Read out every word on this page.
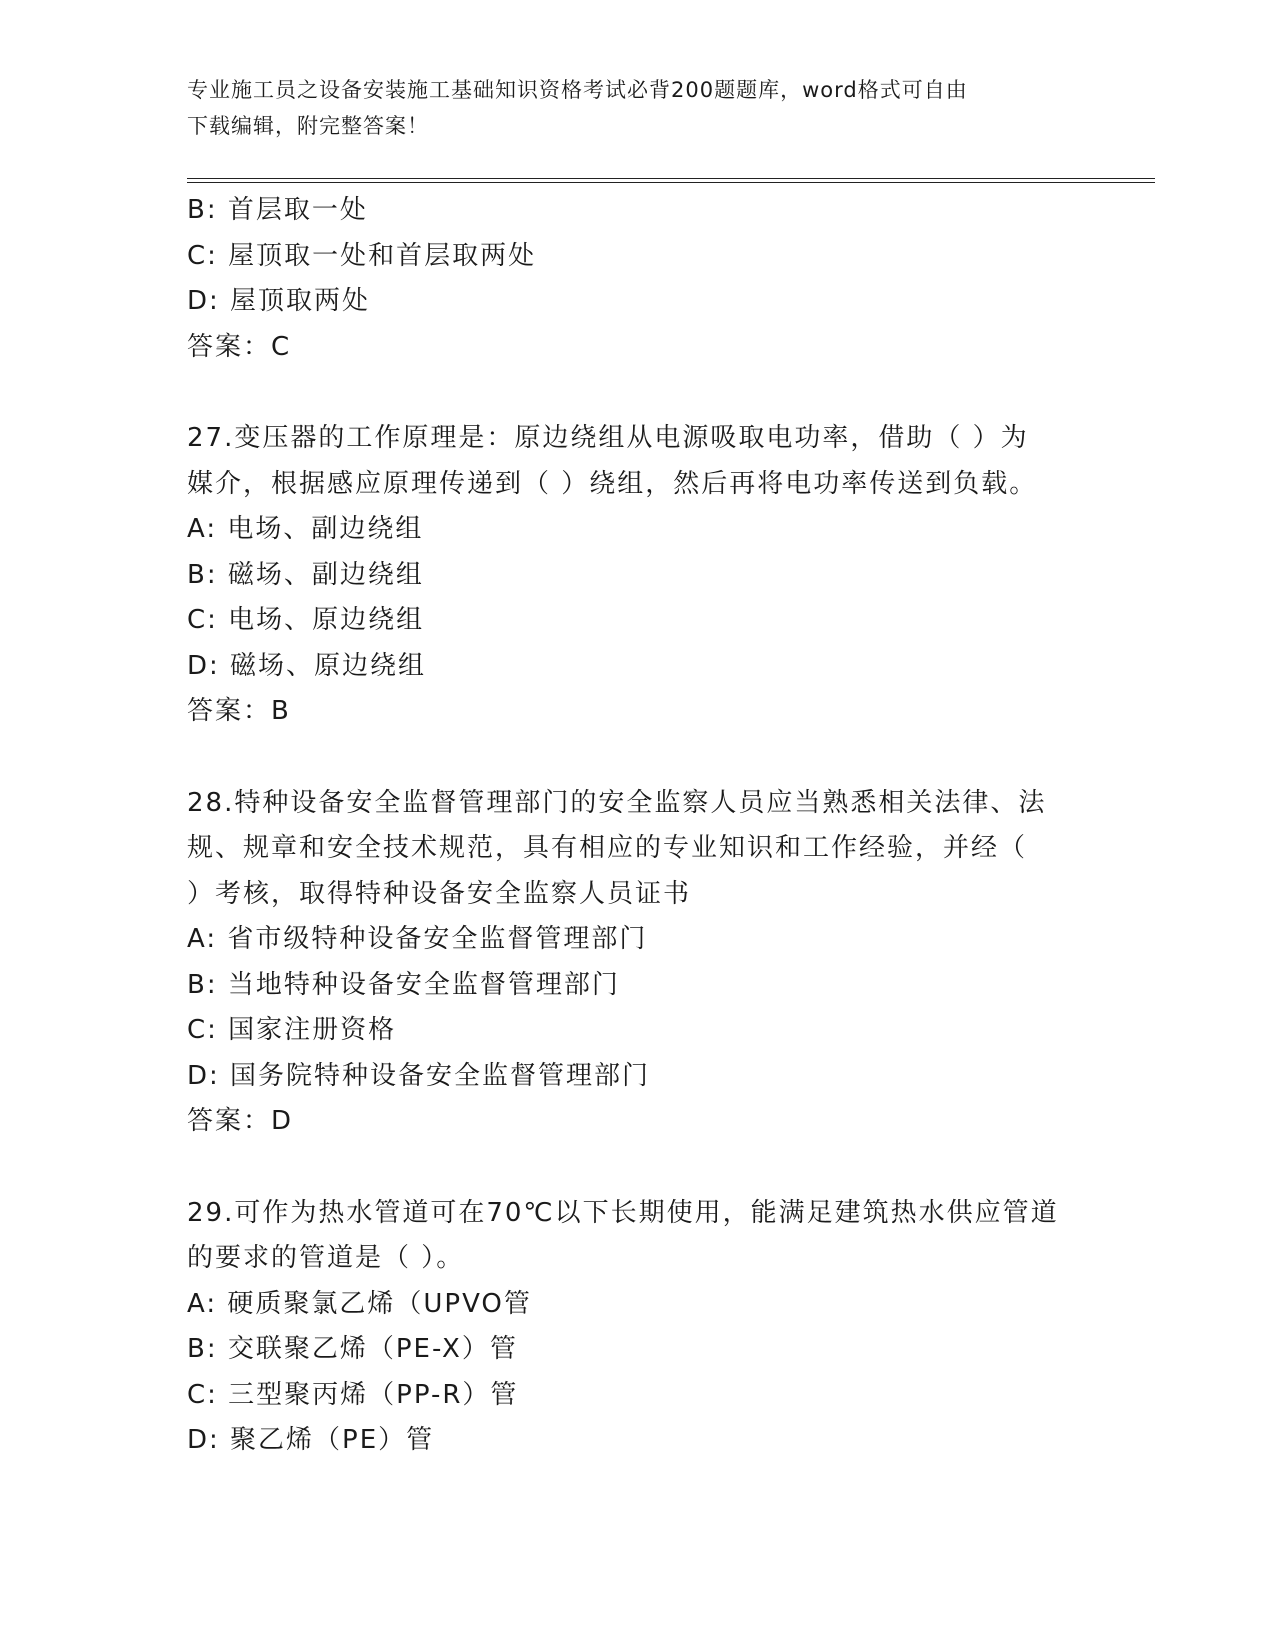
专业施工员之设备安装施工基础知识资格考试必背200题题库，word格式可自由
下载编辑，附完整答案！
B: 首层取一处
C: 屋顶取一处和首层取两处
D: 屋顶取两处
答案：C
27.变压器的工作原理是：原边绕组从电源吸取电功率，借助（ ）为
媒介，根据感应原理传递到（ ）绕组，然后再将电功率传送到负载。
A: 电场、副边绕组
B: 磁场、副边绕组
C: 电场、原边绕组
D: 磁场、原边绕组
答案：B
28.特种设备安全监督管理部门的安全监察人员应当熟悉相关法律、法
规、规章和安全技术规范，具有相应的专业知识和工作经验，并经（
）考核，取得特种设备安全监察人员证书
A: 省市级特种设备安全监督管理部门
B: 当地特种设备安全监督管理部门
C: 国家注册资格
D: 国务院特种设备安全监督管理部门
答案：D
29.可作为热水管道可在70℃以下长期使用，能满足建筑热水供应管道
的要求的管道是（ ）。
A: 硬质聚氯乙烯（UPVO管
B: 交联聚乙烯（PE-X）管
C: 三型聚丙烯（PP-R）管
D: 聚乙烯（PE）管
